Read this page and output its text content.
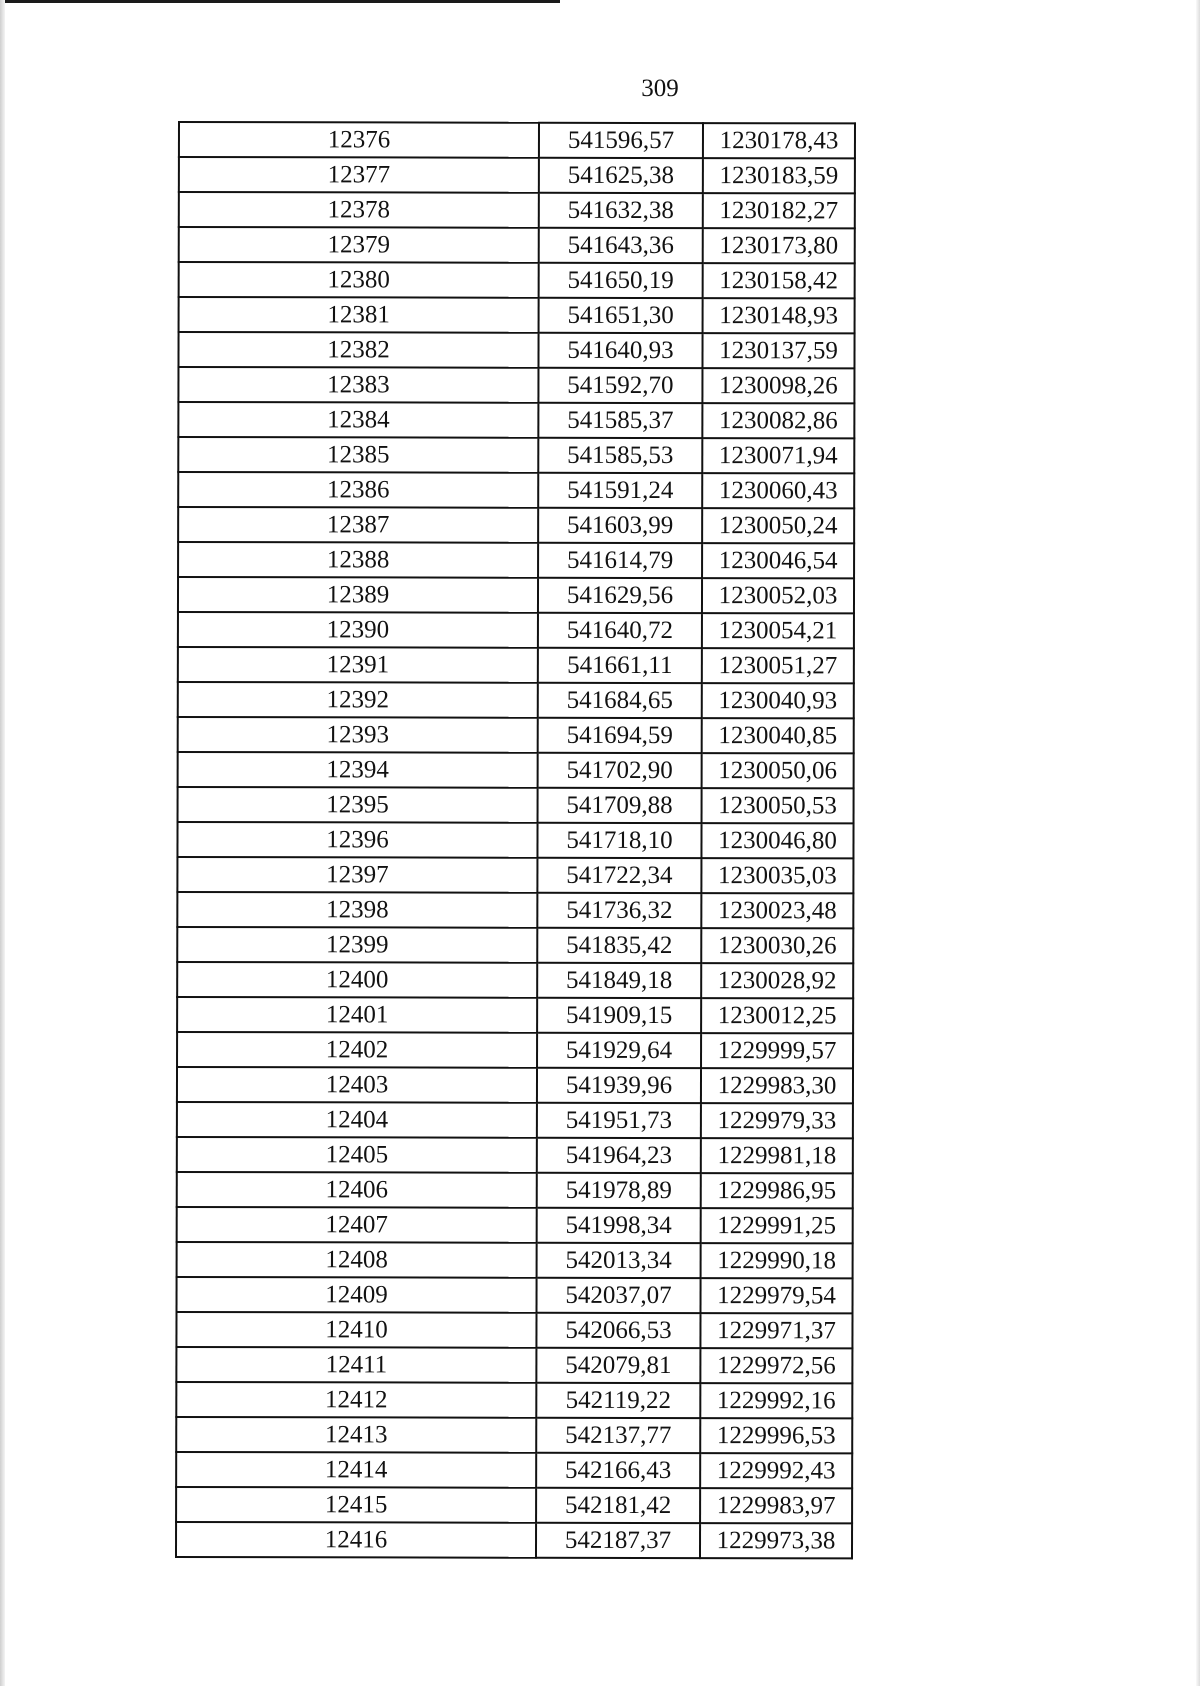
309
12376	541596,57	1230178,43
12377	541625,38	1230183,59
12378	541632,38	1230182,27
12379	541643,36	1230173,80
12380	541650,19	1230158,42
12381	541651,30	1230148,93
12382	541640,93	1230137,59
12383	541592,70	1230098,26
12384	541585,37	1230082,86
12385	541585,53	1230071,94
12386	541591,24	1230060,43
12387	541603,99	1230050,24
12388	541614,79	1230046,54
12389	541629,56	1230052,03
12390	541640,72	1230054,21
12391	541661,11	1230051,27
12392	541684,65	1230040,93
12393	541694,59	1230040,85
12394	541702,90	1230050,06
12395	541709,88	1230050,53
12396	541718,10	1230046,80
12397	541722,34	1230035,03
12398	541736,32	1230023,48
12399	541835,42	1230030,26
12400	541849,18	1230028,92
12401	541909,15	1230012,25
12402	541929,64	1229999,57
12403	541939,96	1229983,30
12404	541951,73	1229979,33
12405	541964,23	1229981,18
12406	541978,89	1229986,95
12407	541998,34	1229991,25
12408	542013,34	1229990,18
12409	542037,07	1229979,54
12410	542066,53	1229971,37
12411	542079,81	1229972,56
12412	542119,22	1229992,16
12413	542137,77	1229996,53
12414	542166,43	1229992,43
12415	542181,42	1229983,97
12416	542187,37	1229973,38
